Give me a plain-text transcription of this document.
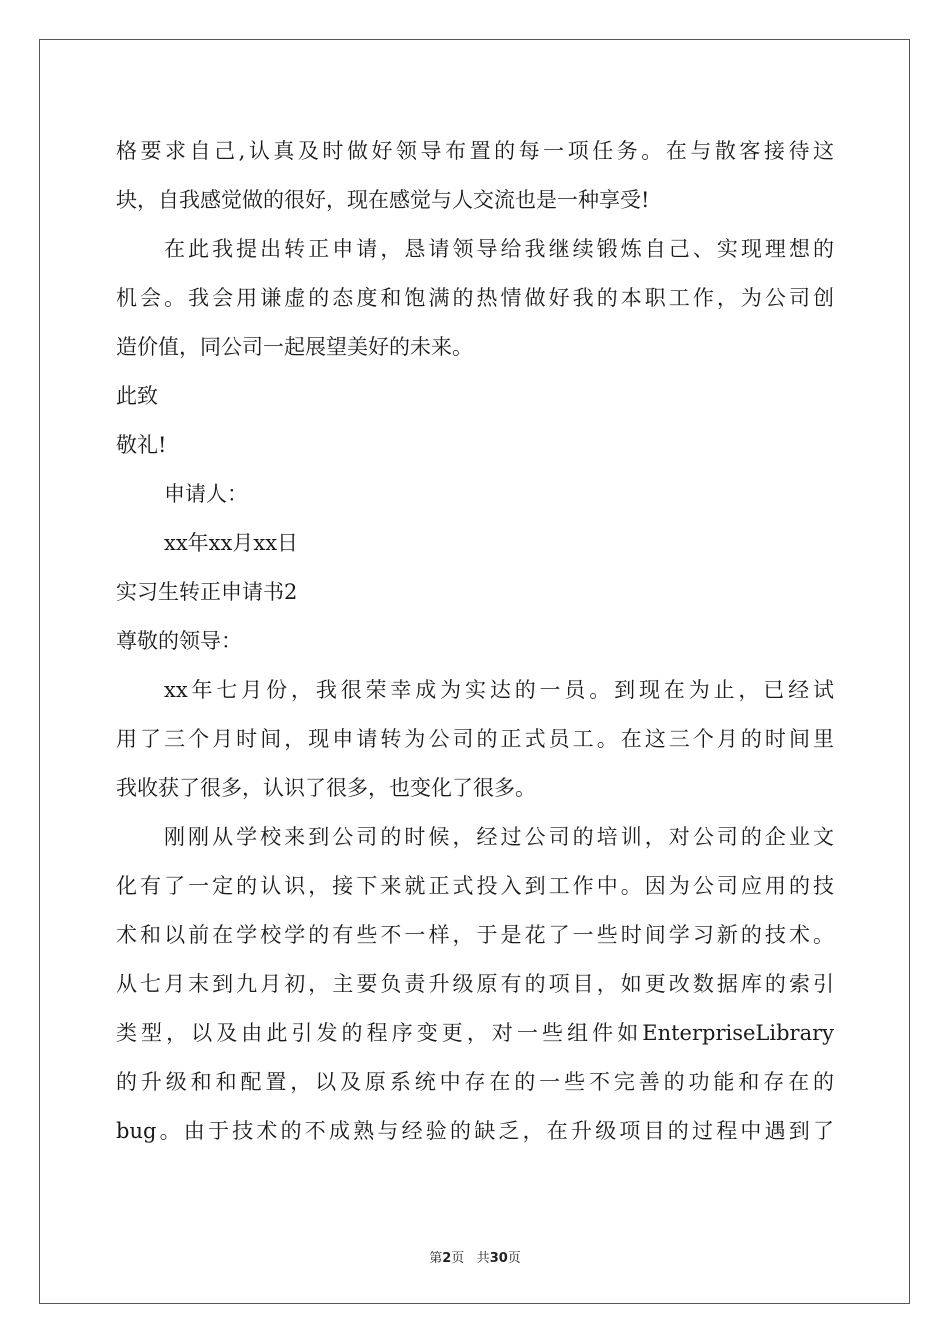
格要求自己,认真及时做好领导布置的每一项任务。在与散客接待这
块，自我感觉做的很好，现在感觉与人交流也是一种享受!
在此我提出转正申请，恳请领导给我继续锻炼自己、实现理想的
机会。我会用谦虚的态度和饱满的热情做好我的本职工作，为公司创
造价值，同公司一起展望美好的未来。
此致
敬礼!
申请人：
xx年xx月xx日
实习生转正申请书2
尊敬的领导：
xx年七月份，我很荣幸成为实达的一员。到现在为止，已经试
用了三个月时间，现申请转为公司的正式员工。在这三个月的时间里
我收获了很多，认识了很多，也变化了很多。
刚刚从学校来到公司的时候，经过公司的培训，对公司的企业文
化有了一定的认识，接下来就正式投入到工作中。因为公司应用的技
术和以前在学校学的有些不一样，于是花了一些时间学习新的技术。
从七月末到九月初，主要负责升级原有的项目，如更改数据库的索引
类型，以及由此引发的程序变更，对一些组件如EnterpriseLibrary
的升级和和配置，以及原系统中存在的一些不完善的功能和存在的
bug。由于技术的不成熟与经验的缺乏，在升级项目的过程中遇到了
第2页 共30页
